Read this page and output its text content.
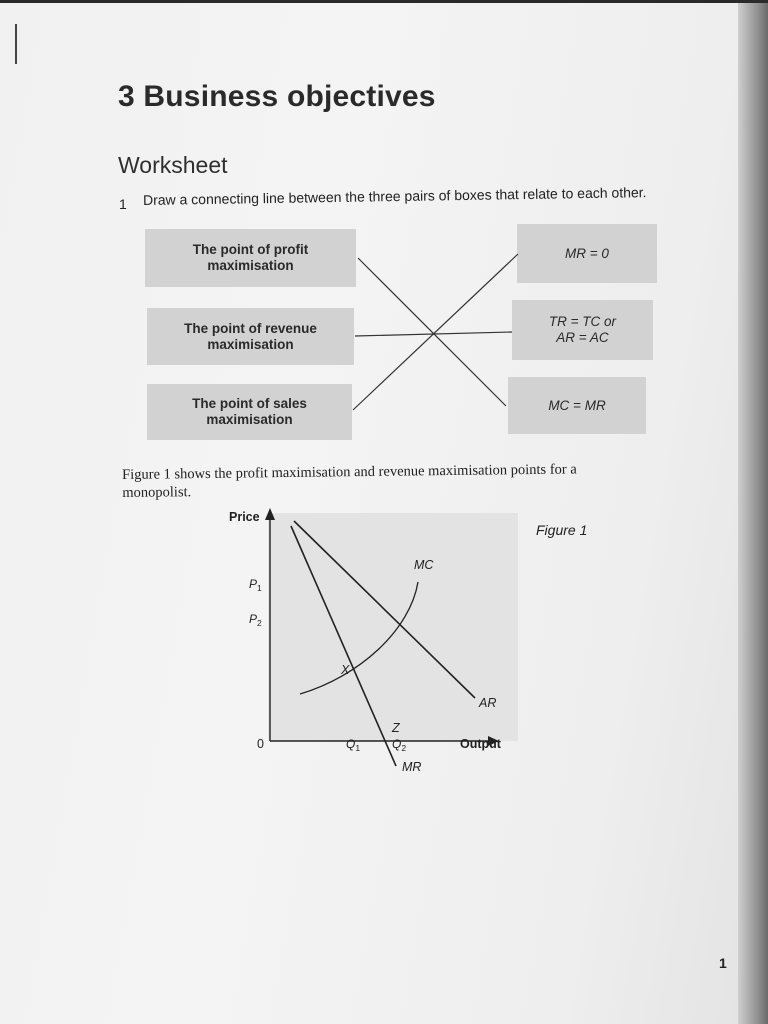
3 Business objectives
Worksheet
1 Draw a connecting line between the three pairs of boxes that relate to each other.
The point of profit
maximisation
The point of revenue
maximisation
The point of sales
maximisation
MR = 0
TR = TC or
AR = AC
MC = MR

Figure 1 shows the profit maximisation and revenue maximisation points for a monopolist.

Figure 1
Price
Output
0
$P_1$
$P_2$
$Q_1$	$Q_2$
MC
AR
MR
X
Z
1
